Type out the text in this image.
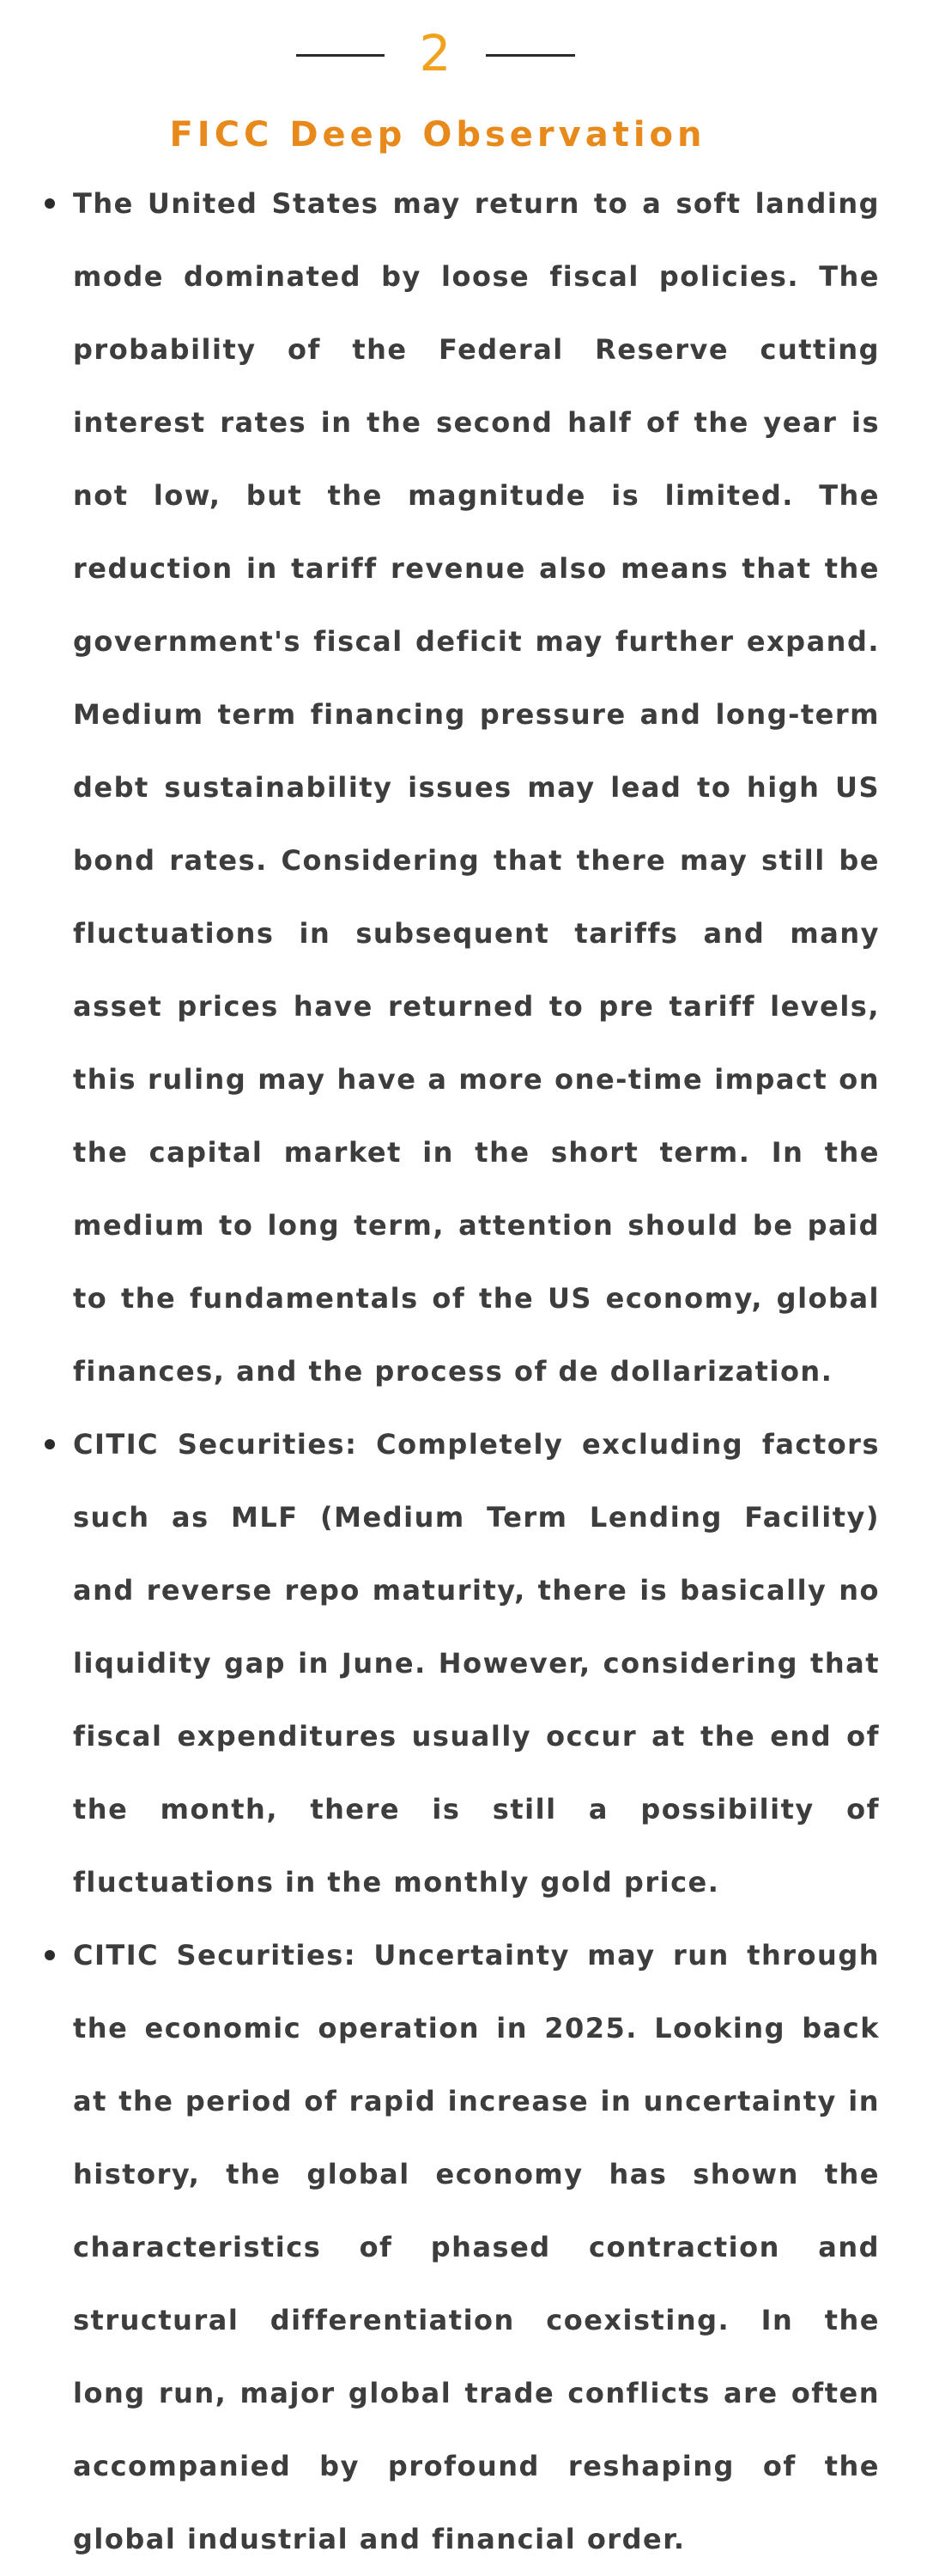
2
FICC Deep Observation

The United States may return to a soft landing mode dominated by loose fiscal policies. The probability of the Federal Reserve cutting interest rates in the second half of the year is not low, but the magnitude is limited. The reduction in tariff revenue also means that the government's fiscal deficit may further expand. Medium term financing pressure and long-term debt sustainability issues may lead to high US bond rates. Considering that there may still be fluctuations in subsequent tariffs and many asset prices have returned to pre tariff levels, this ruling may have a more one-time impact on the capital market in the short term. In the medium to long term, attention should be paid to the fundamentals of the US economy, global finances, and the process of de dollarization.

CITIC Securities: Completely excluding factors such as MLF (Medium Term Lending Facility) and reverse repo maturity, there is basically no liquidity gap in June. However, considering that fiscal expenditures usually occur at the end of the month, there is still a possibility of fluctuations in the monthly gold price.

CITIC Securities: Uncertainty may run through the economic operation in 2025. Looking back at the period of rapid increase in uncertainty in history, the global economy has shown the characteristics of phased contraction and structural differentiation coexisting. In the long run, major global trade conflicts are often accompanied by profound reshaping of the global industrial and financial order.
